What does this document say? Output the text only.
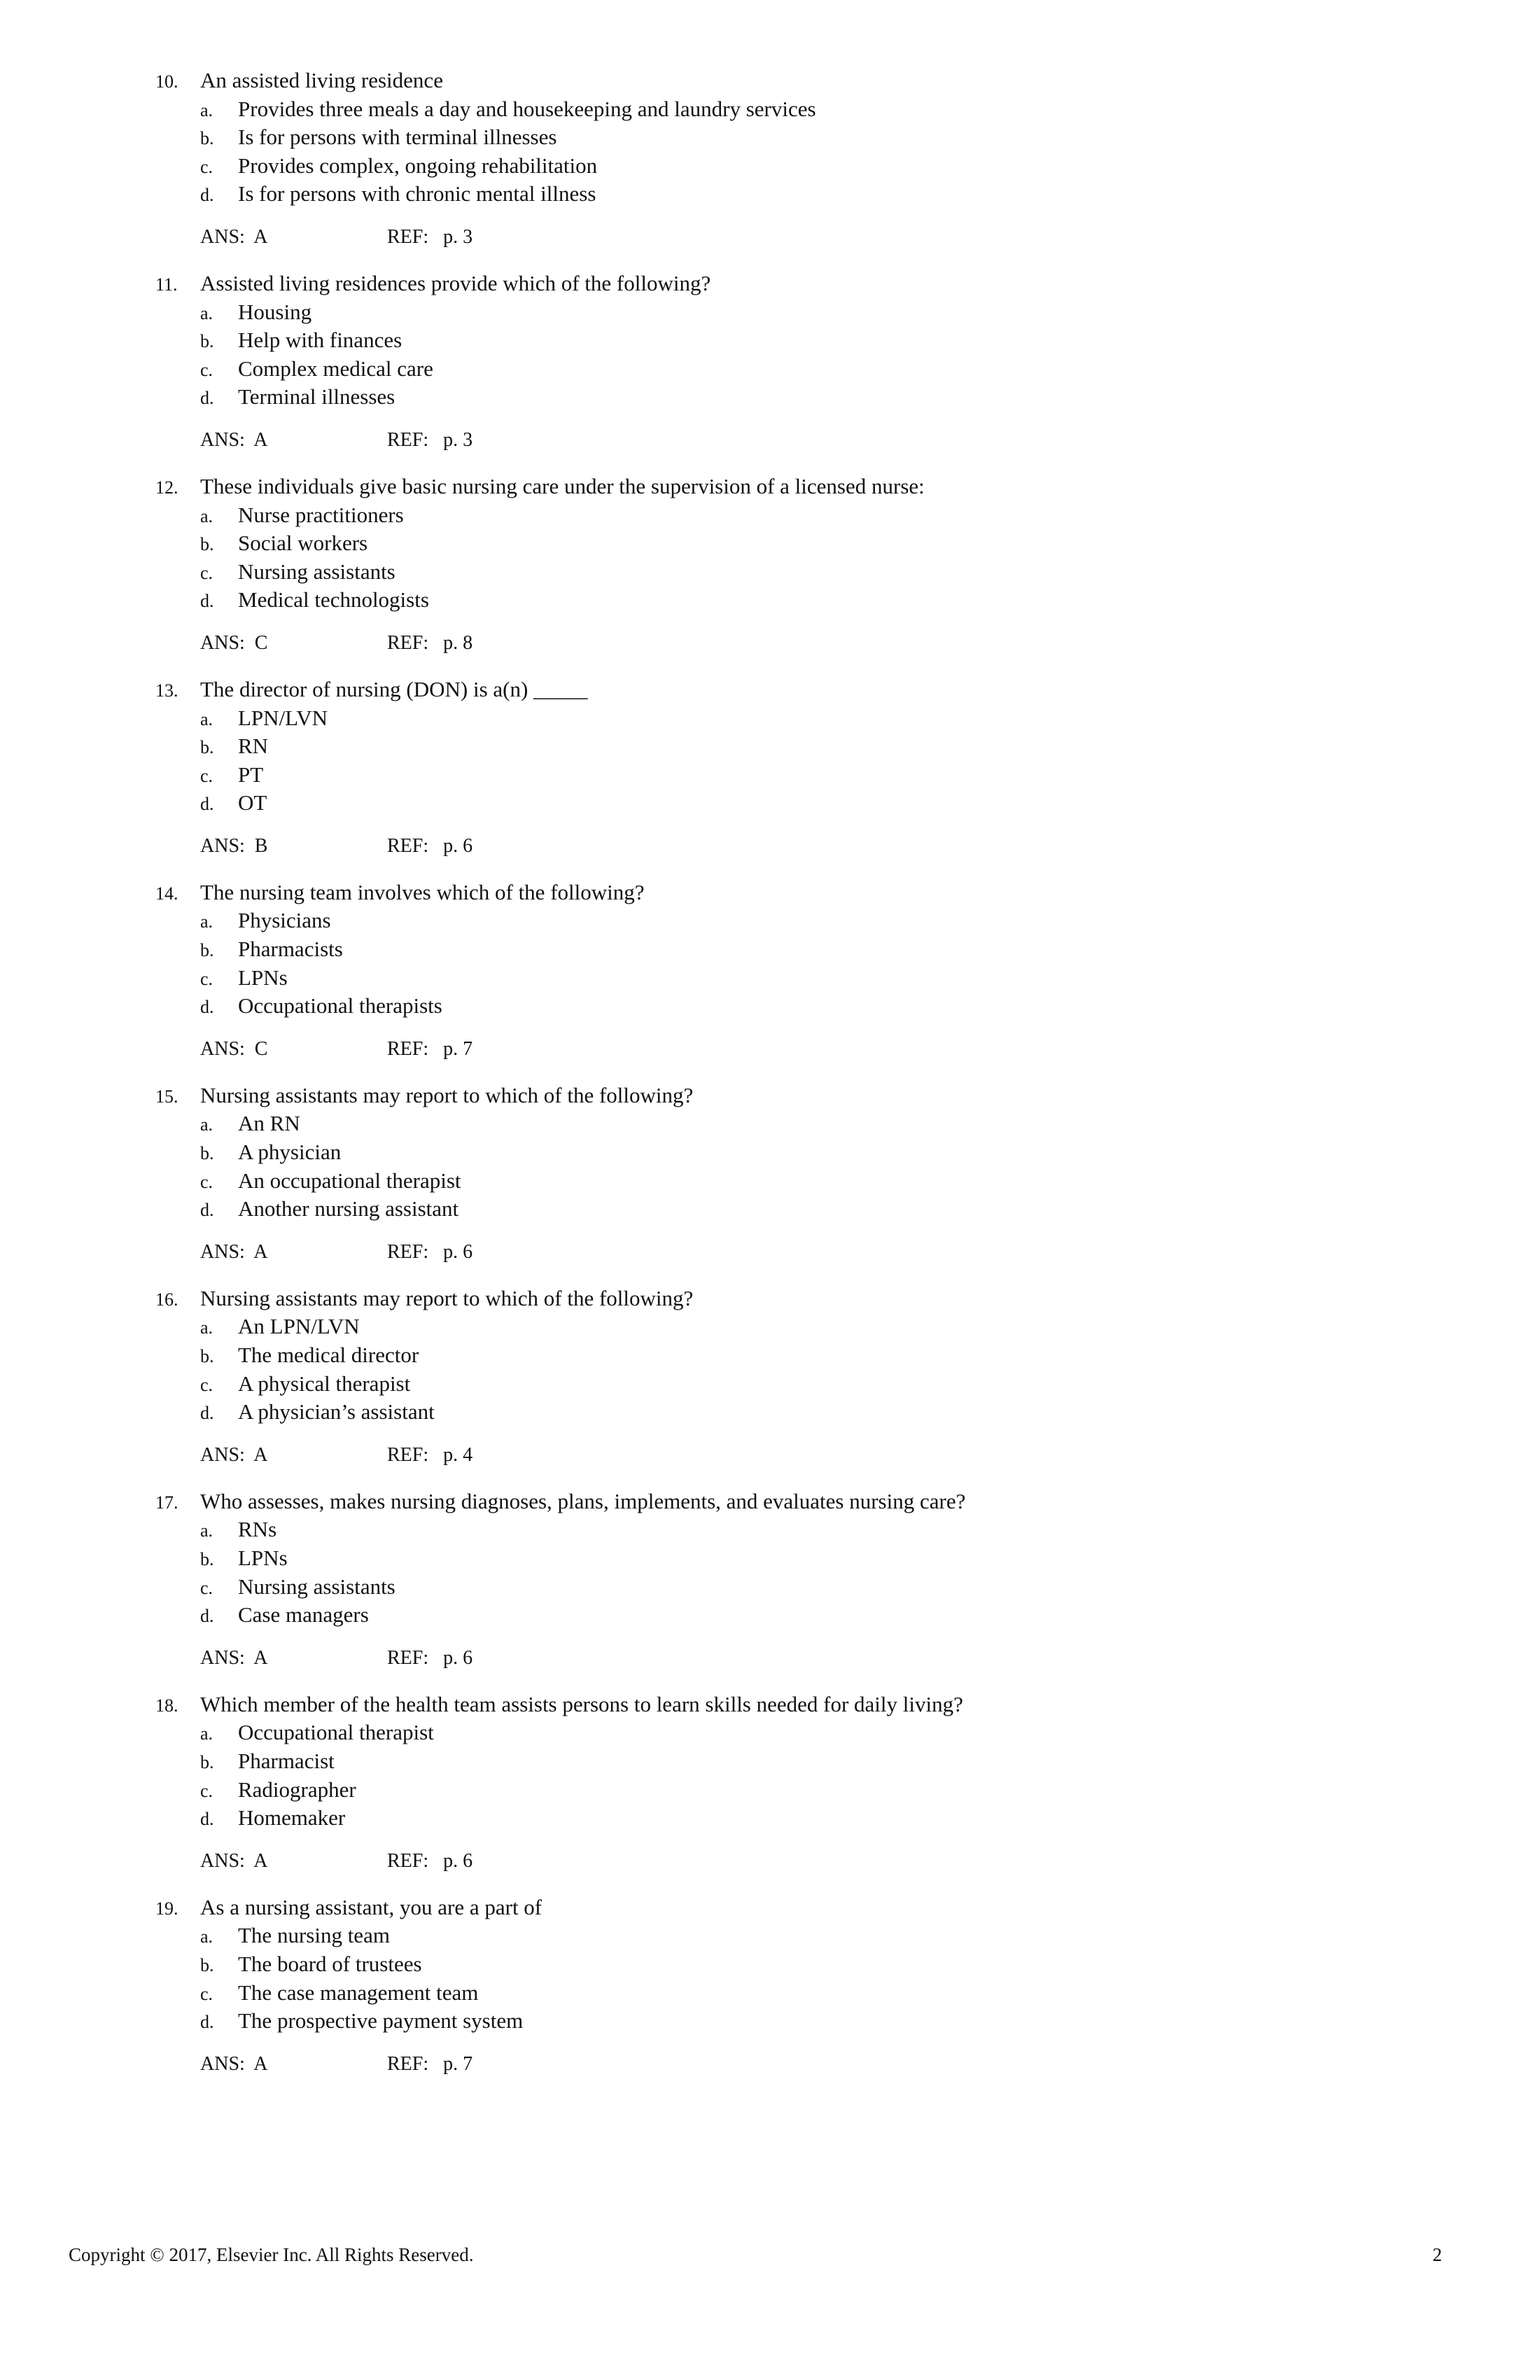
10.	An assisted living residence
a.	Provides three meals a day and housekeeping and laundry services
b.	Is for persons with terminal illnesses
c.	Provides complex, ongoing rehabilitation
d.	Is for persons with chronic mental illness
ANS: A	REF: p. 3
11.	Assisted living residences provide which of the following?
a.	Housing
b.	Help with finances
c.	Complex medical care
d.	Terminal illnesses
ANS: A	REF: p. 3
12.	These individuals give basic nursing care under the supervision of a licensed nurse:
a.	Nurse practitioners
b.	Social workers
c.	Nursing assistants
d.	Medical technologists
ANS: C	REF: p. 8
13.	The director of nursing (DON) is a(n) _____
a.	LPN/LVN
b.	RN
c.	PT
d.	OT
ANS: B	REF: p. 6
14.	The nursing team involves which of the following?
a.	Physicians
b.	Pharmacists
c.	LPNs
d.	Occupational therapists
ANS: C	REF: p. 7
15.	Nursing assistants may report to which of the following?
a.	An RN
b.	A physician
c.	An occupational therapist
d.	Another nursing assistant
ANS: A	REF: p. 6
16.	Nursing assistants may report to which of the following?
a.	An LPN/LVN
b.	The medical director
c.	A physical therapist
d.	A physician’s assistant
ANS: A	REF: p. 4
17.	Who assesses, makes nursing diagnoses, plans, implements, and evaluates nursing care?
a.	RNs
b.	LPNs
c.	Nursing assistants
d.	Case managers
ANS: A	REF: p. 6
18.	Which member of the health team assists persons to learn skills needed for daily living?
a.	Occupational therapist
b.	Pharmacist
c.	Radiographer
d.	Homemaker
ANS: A	REF: p. 6
19.	As a nursing assistant, you are a part of
a.	The nursing team
b.	The board of trustees
c.	The case management team
d.	The prospective payment system
ANS: A	REF: p. 7
Copyright © 2017, Elsevier Inc. All Rights Reserved.	2
